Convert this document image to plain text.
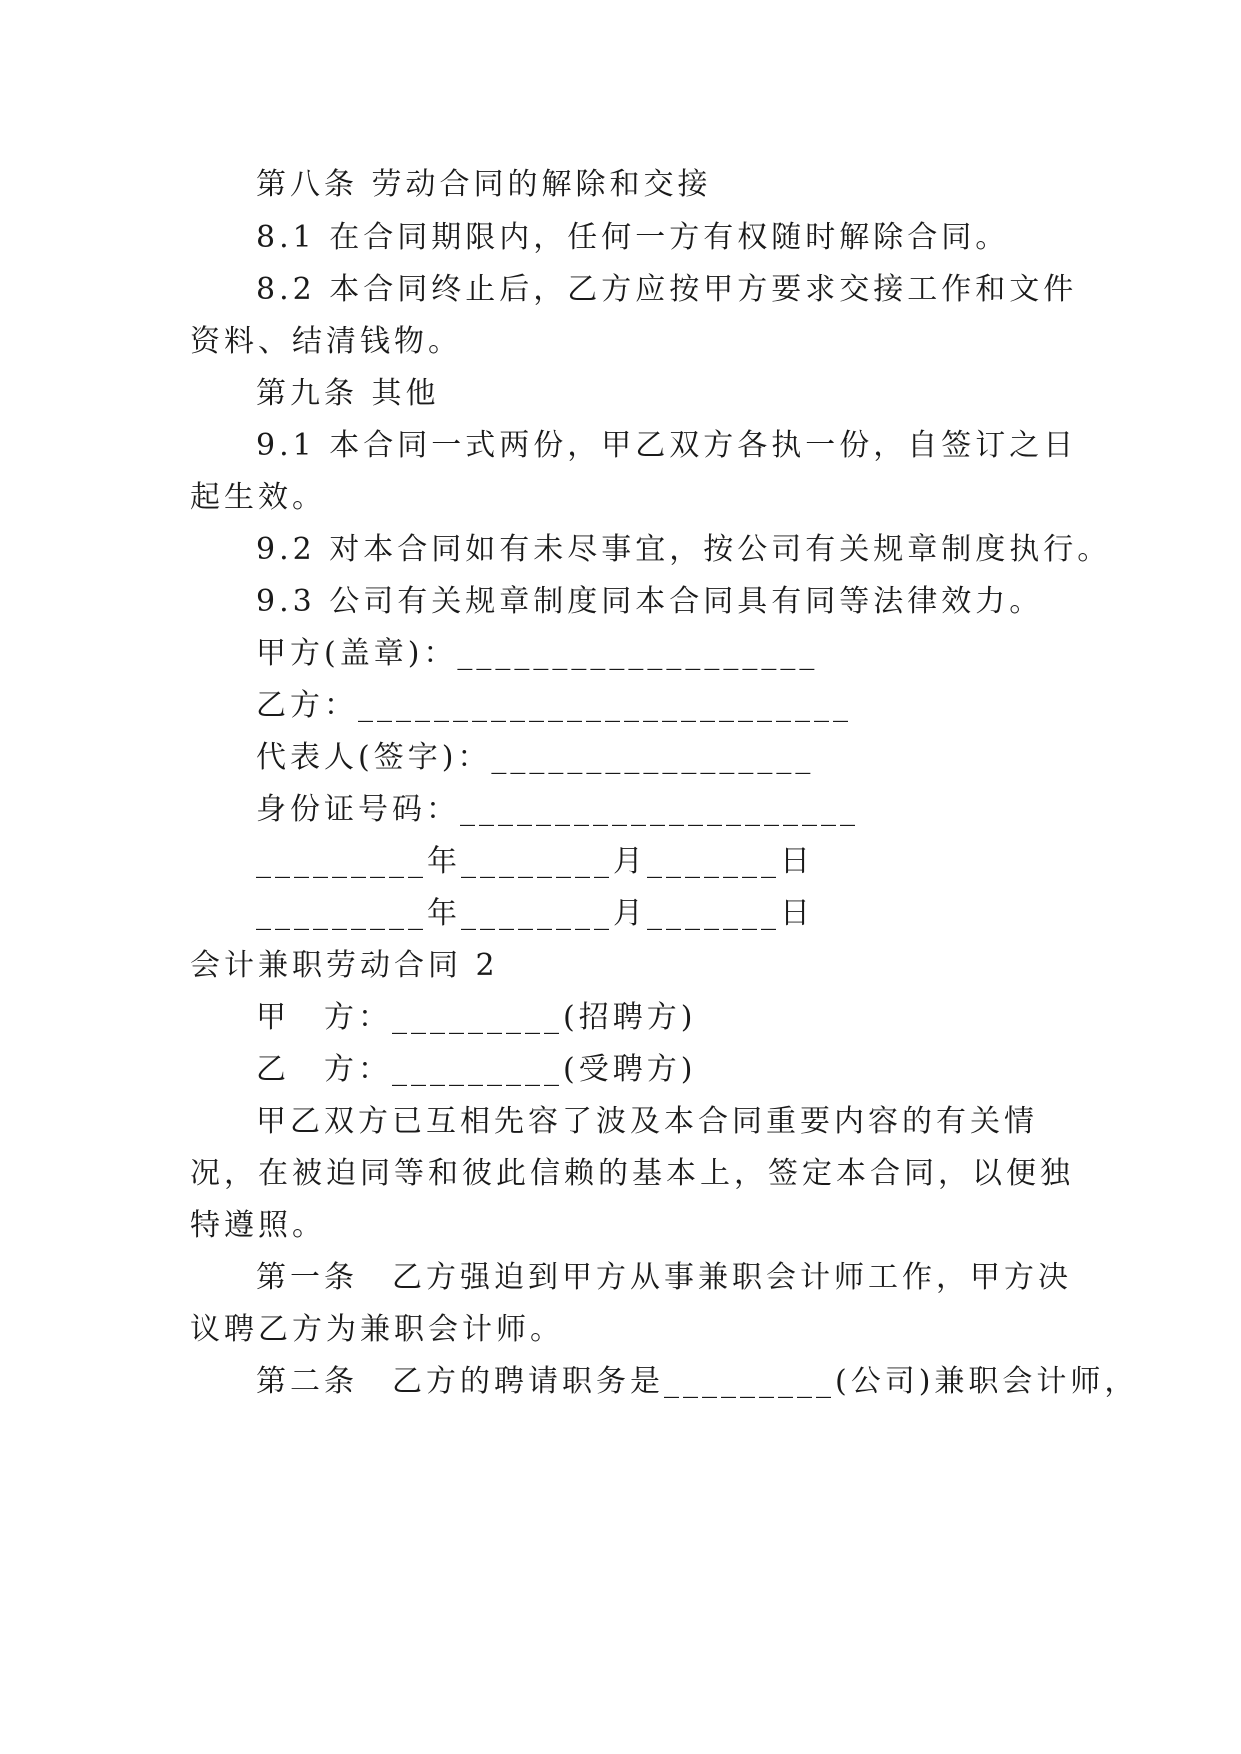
第八条 劳动合同的解除和交接
8.1 在合同期限内，任何一方有权随时解除合同。
8.2 本合同终止后，乙方应按甲方要求交接工作和文件
资料、结清钱物。
第九条 其他
9.1 本合同一式两份，甲乙双方各执一份，自签订之日
起生效。
9.2 对本合同如有未尽事宜，按公司有关规章制度执行。
9.3 公司有关规章制度同本合同具有同等法律效力。
甲方(盖章)：___________________
乙方：__________________________
代表人(签字)：_________________
身份证号码：_____________________
_________年________月_______日
_________年________月_______日
会计兼职劳动合同 2
甲　方：_________(招聘方)
乙　方：_________(受聘方)
甲乙双方已互相先容了波及本合同重要内容的有关情
况，在被迫同等和彼此信赖的基本上，签定本合同，以便独
特遵照。
第一条　乙方强迫到甲方从事兼职会计师工作，甲方决
议聘乙方为兼职会计师。
第二条　乙方的聘请职务是_________(公司)兼职会计师，
